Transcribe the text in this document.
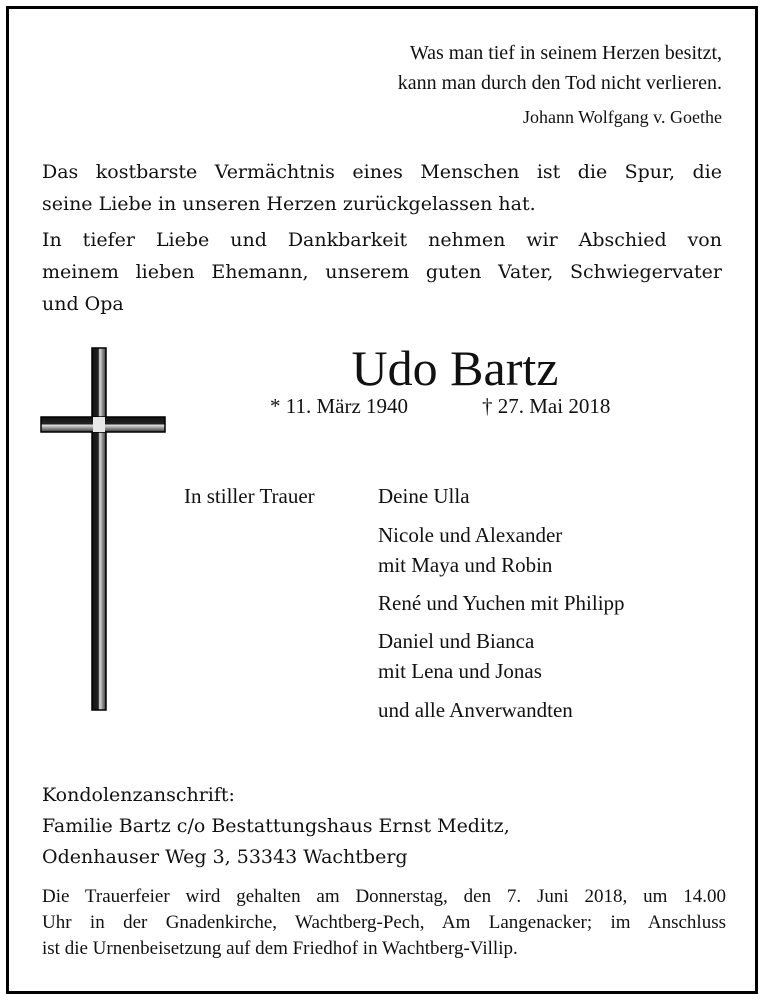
Was man tief in seinem Herzen besitzt,
kann man durch den Tod nicht verlieren.
Johann Wolfgang v. Goethe
Das kostbarste Vermächtnis eines Menschen ist die Spur, die
seine Liebe in unseren Herzen zurückgelassen hat.
In tiefer Liebe und Dankbarkeit nehmen wir Abschied von
meinem lieben Ehemann, unserem guten Vater, Schwiegervater
und Opa
Udo Bartz
* 11. März 1940	† 27. Mai 2018
In stiller Trauer	Deine Ulla
Nicole und Alexander
mit Maya und Robin
René und Yuchen mit Philipp
Daniel und Bianca
mit Lena und Jonas
und alle Anverwandten
Kondolenzanschrift:
Familie Bartz c/o Bestattungshaus Ernst Meditz,
Odenhauser Weg 3, 53343 Wachtberg
Die Trauerfeier wird gehalten am Donnerstag, den 7. Juni 2018, um 14.00
Uhr in der Gnadenkirche, Wachtberg-Pech, Am Langenacker; im Anschluss
ist die Urnenbeisetzung auf dem Friedhof in Wachtberg-Villip.
